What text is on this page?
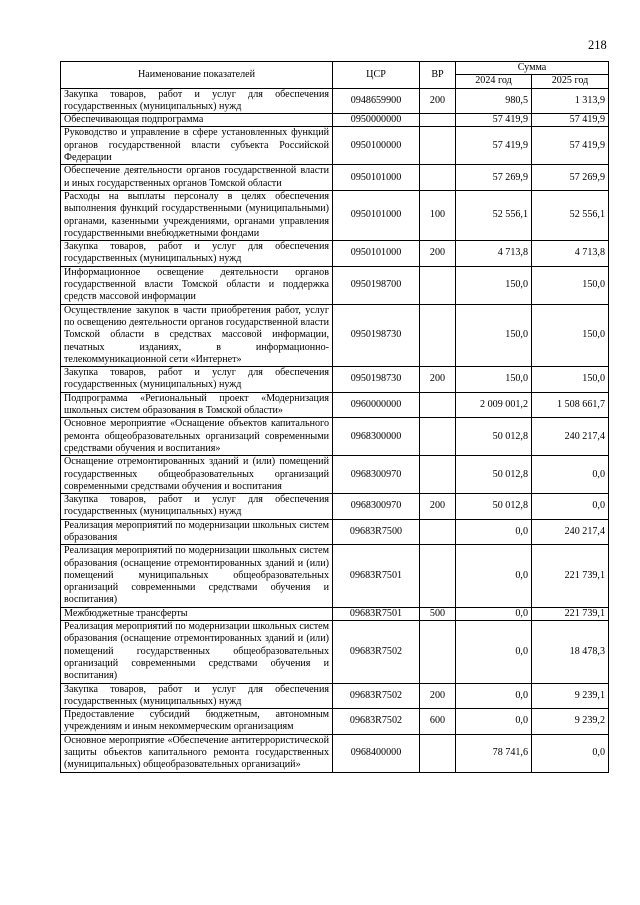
218
Наименование показателей	ЦСР	ВР	Сумма	
			2024 год	2025 год
Закупка товаров, работ и услуг для обеспечения государственных (муниципальных) нужд	0948659900	200	980,5	1 313,9
Обеспечивающая подпрограмма	0950000000		57 419,9	57 419,9
Руководство и управление в сфере установленных функций органов государственной власти субъекта Российской Федерации	0950100000		57 419,9	57 419,9
Обеспечение деятельности органов государственной власти и иных государственных органов Томской области	0950101000		57 269,9	57 269,9
Расходы на выплаты персоналу в целях обеспечения выполнения функций государственными (муниципальными) органами, казенными учреждениями, органами управления государственными внебюджетными фондами	0950101000	100	52 556,1	52 556,1
Закупка товаров, работ и услуг для обеспечения государственных (муниципальных) нужд	0950101000	200	4 713,8	4 713,8
Информационное освещение деятельности органов государственной власти Томской области и поддержка средств массовой информации	0950198700		150,0	150,0
Осуществление закупок в части приобретения работ, услуг по освещению деятельности органов государственной власти Томской области в средствах массовой информации, печатных изданиях, в информационно-телекоммуникационной сети «Интернет»	0950198730		150,0	150,0
Закупка товаров, работ и услуг для обеспечения государственных (муниципальных) нужд	0950198730	200	150,0	150,0
Подпрограмма «Региональный проект «Модернизация школьных систем образования в Томской области»	0960000000		2 009 001,2	1 508 661,7
Основное мероприятие «Оснащение объектов капитального ремонта общеобразовательных организаций современными средствами обучения и воспитания»	0968300000		50 012,8	240 217,4
Оснащение отремонтированных зданий и (или) помещений государственных общеобразовательных организаций современными средствами обучения и воспитания	0968300970		50 012,8	0,0
Закупка товаров, работ и услуг для обеспечения государственных (муниципальных) нужд	0968300970	200	50 012,8	0,0
Реализация мероприятий по модернизации школьных систем образования	09683R7500		0,0	240 217,4
Реализация мероприятий по модернизации школьных систем образования (оснащение отремонтированных зданий и (или) помещений муниципальных общеобразовательных организаций современными средствами обучения и воспитания)	09683R7501		0,0	221 739,1
Межбюджетные трансферты	09683R7501	500	0,0	221 739,1
Реализация мероприятий по модернизации школьных систем образования (оснащение отремонтированных зданий и (или) помещений государственных общеобразовательных организаций современными средствами обучения и воспитания)	09683R7502		0,0	18 478,3
Закупка товаров, работ и услуг для обеспечения государственных (муниципальных) нужд	09683R7502	200	0,0	9 239,1
Предоставление субсидий бюджетным, автономным учреждениям и иным некоммерческим организациям	09683R7502	600	0,0	9 239,2
Основное мероприятие «Обеспечение антитеррористической защиты объектов капитального ремонта государственных (муниципальных) общеобразовательных организаций»	0968400000		78 741,6	0,0
